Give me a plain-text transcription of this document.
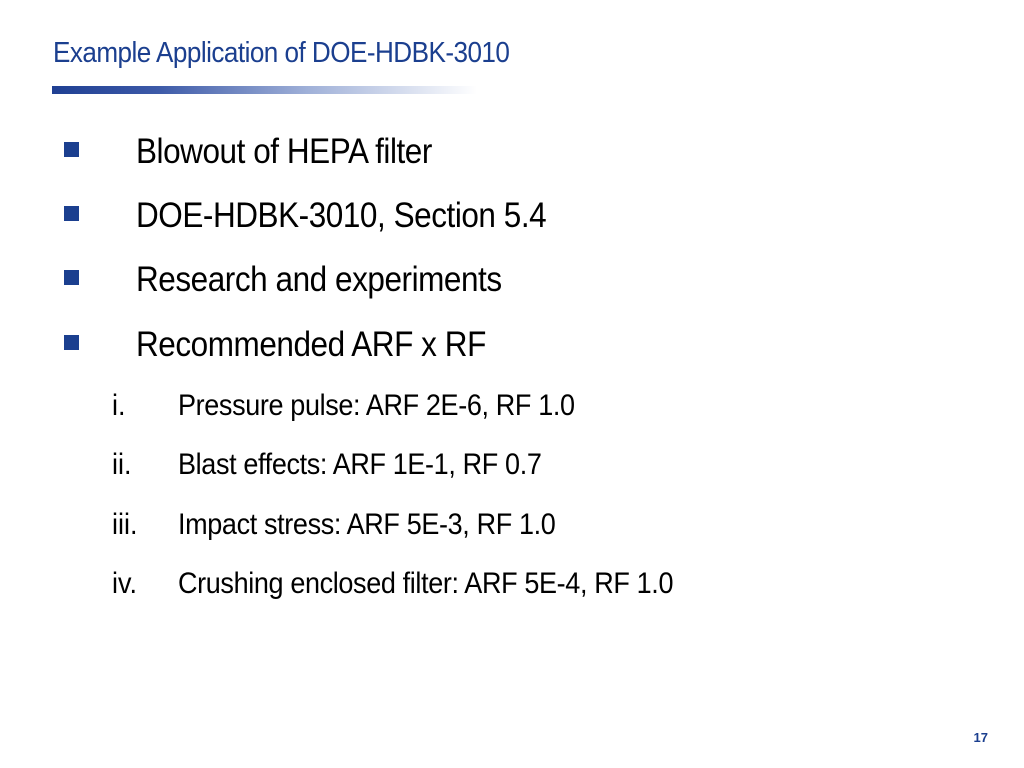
Example Application of DOE-HDBK-3010
Blowout of HEPA filter
DOE-HDBK-3010, Section 5.4
Research and experiments
Recommended ARF x RF
i. Pressure pulse: ARF 2E-6, RF 1.0
ii. Blast effects: ARF 1E-1, RF 0.7
iii. Impact stress: ARF 5E-3, RF 1.0
iv. Crushing enclosed filter: ARF 5E-4, RF 1.0
17
